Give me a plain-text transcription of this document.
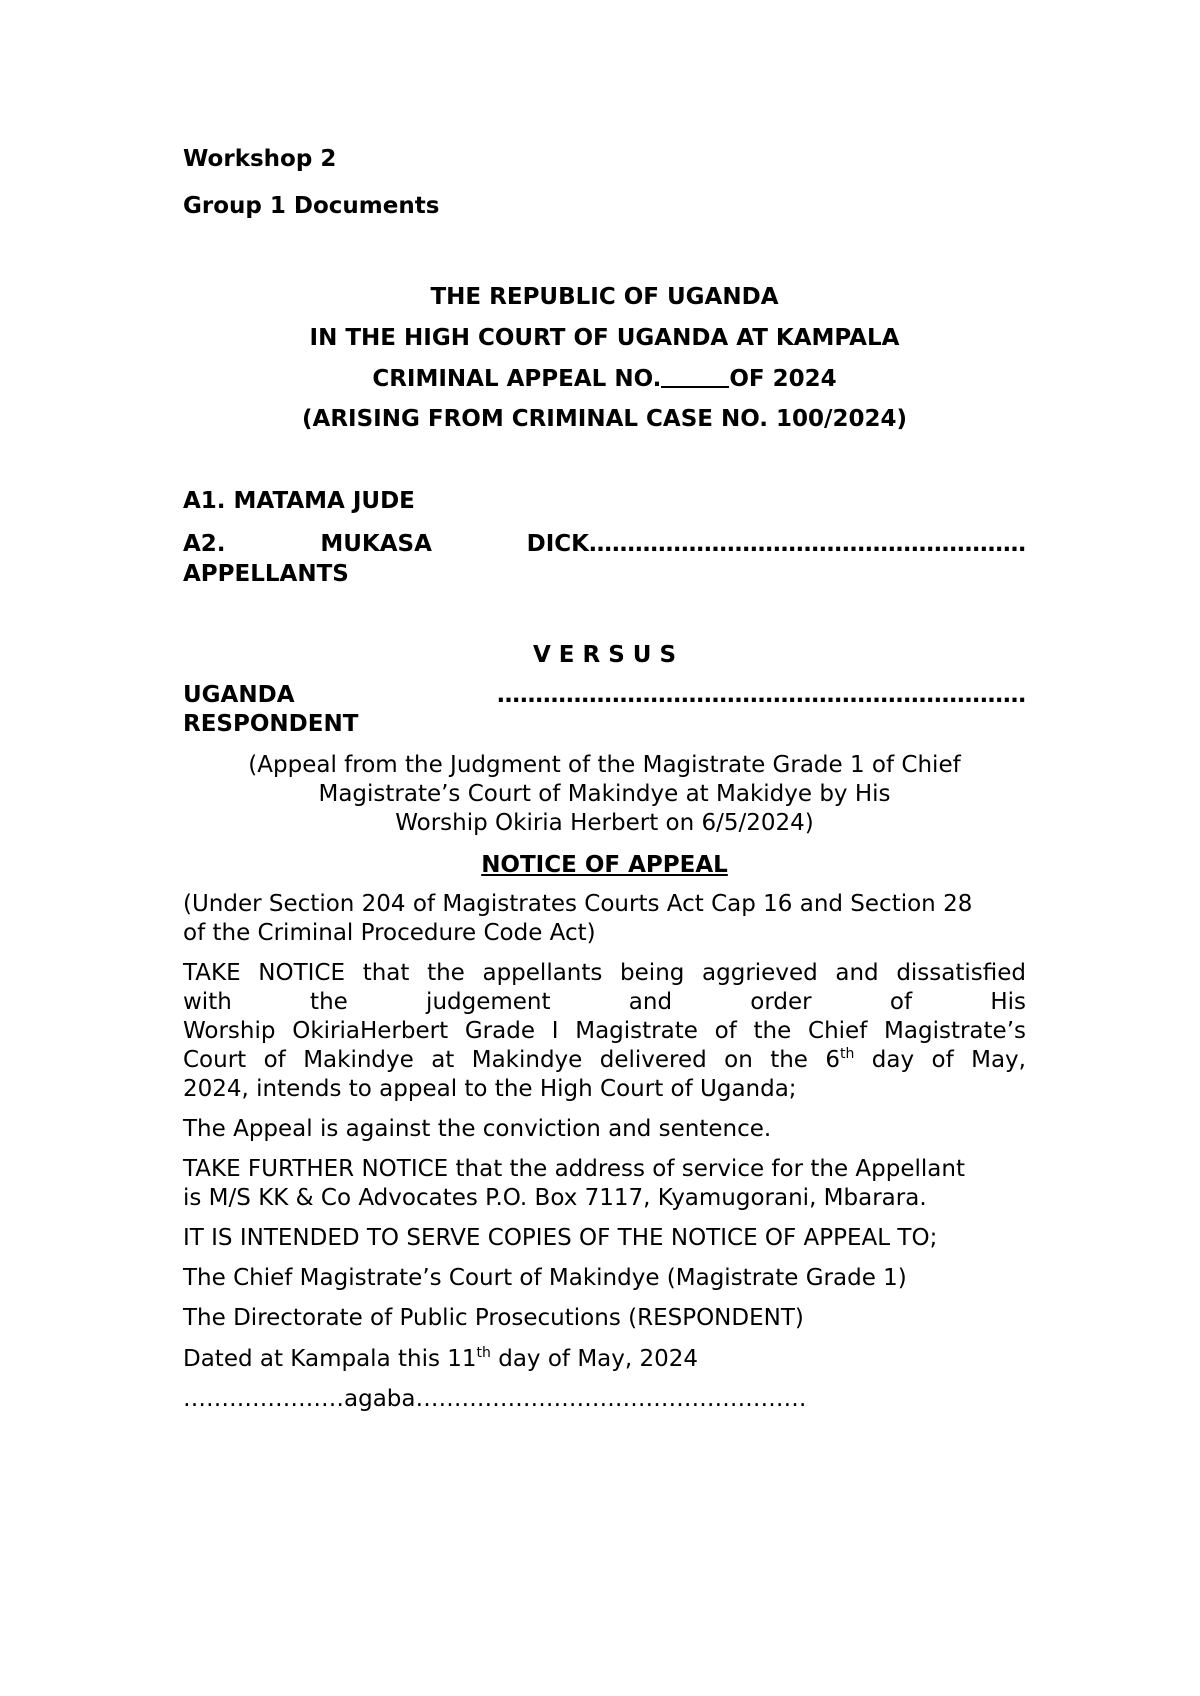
Workshop 2
Group 1 Documents
THE REPUBLIC OF UGANDA
IN THE HIGH COURT OF UGANDA AT KAMPALA
CRIMINAL APPEAL NO.	OF 2024
(ARISING FROM CRIMINAL CASE NO. 100/2024)
A1. MATAMA JUDE
A2.	MUKASA	DICK…………………………………………………
APPELLANTS
V E R S U S
UGANDA	……………………………………………………………
RESPONDENT
(Appeal from the Judgment of the Magistrate Grade 1 of Chief
Magistrate’s Court of Makindye at Makidye by His
Worship Okiria Herbert on 6/5/2024)
NOTICE OF APPEAL
(Under Section 204 of Magistrates Courts Act Cap 16 and Section 28
of the Criminal Procedure Code Act)
TAKE NOTICE that the appellants being aggrieved and dissatisfied
with the judgement and order of His
Worship OkiriaHerbert Grade I Magistrate of the Chief Magistrate’s
Court of Makindye at Makindye delivered on the 6th day of May,
2024, intends to appeal to the High Court of Uganda;
The Appeal is against the conviction and sentence.
TAKE FURTHER NOTICE that the address of service for the Appellant
is M/S KK & Co Advocates P.O. Box 7117, Kyamugorani, Mbarara.
IT IS INTENDED TO SERVE COPIES OF THE NOTICE OF APPEAL TO;
The Chief Magistrate’s Court of Makindye (Magistrate Grade 1)
The Directorate of Public Prosecutions (RESPONDENT)
Dated at Kampala this 11th day of May, 2024
…………………agaba……………………………………………
